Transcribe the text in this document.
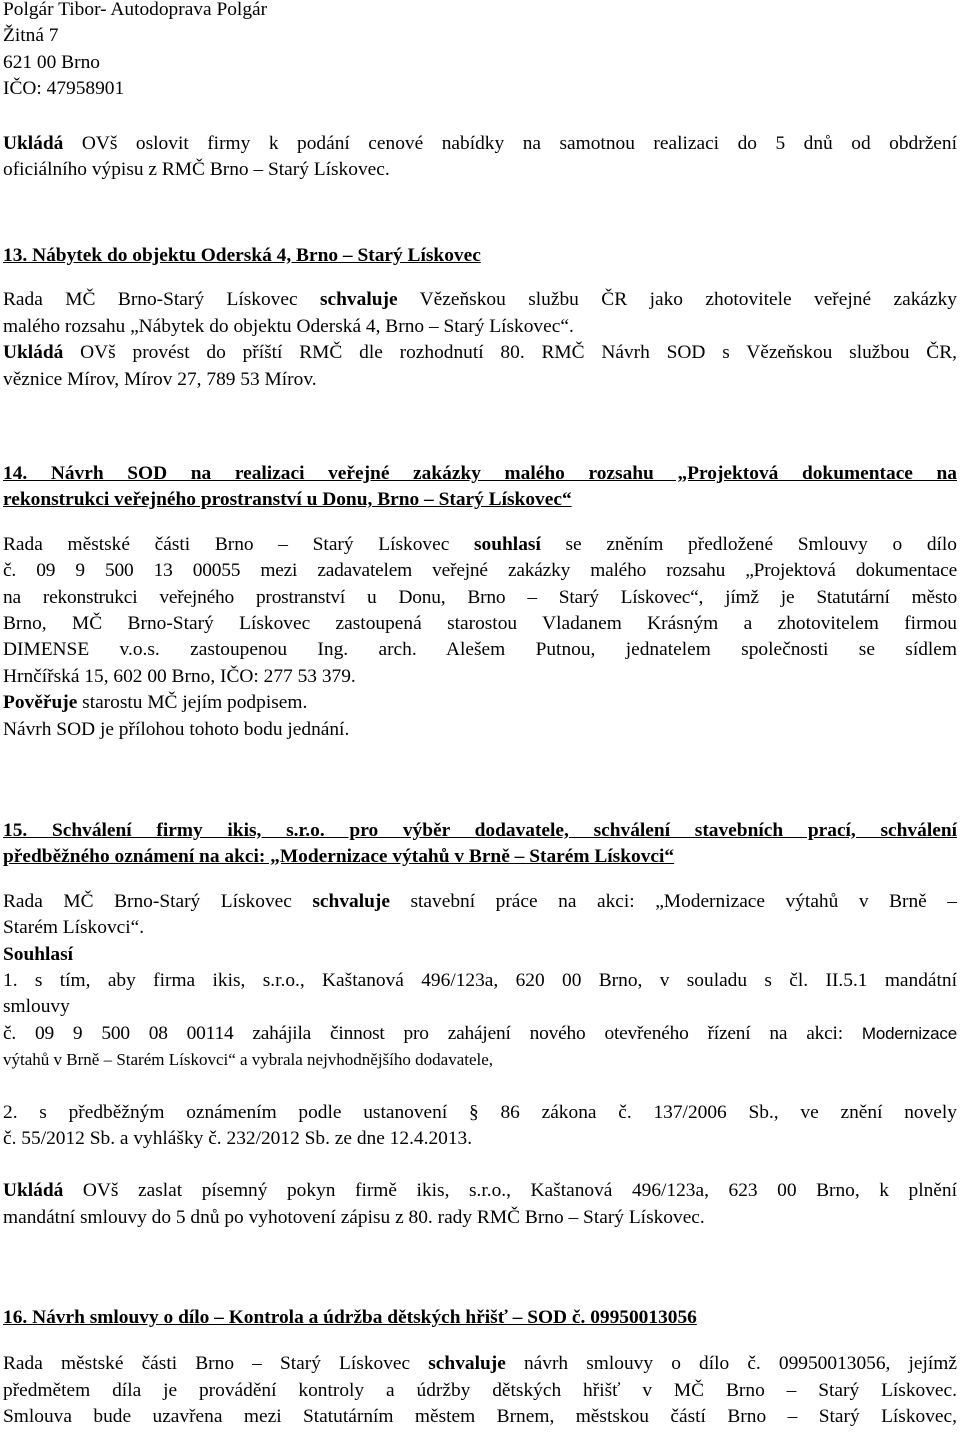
Polgár Tibor- Autodoprava Polgár
Žitná 7
621 00 Brno
IČO: 47958901
Ukládá OVš oslovit firmy k podání cenové nabídky na samotnou realizaci do 5 dnů od obdržení
oficiálního výpisu z RMČ Brno – Starý Lískovec.
13. Nábytek do objektu Oderská 4, Brno – Starý Lískovec
Rada MČ Brno-Starý Lískovec schvaluje Vězeňskou službu ČR jako zhotovitele veřejné zakázky
malého rozsahu „Nábytek do objektu Oderská 4, Brno – Starý Lískovec“.
Ukládá OVš provést do příští RMČ dle rozhodnutí 80. RMČ Návrh SOD s Vězeňskou službou ČR,
věznice Mírov, Mírov 27, 789 53 Mírov.
14. Návrh SOD na realizaci veřejné zakázky malého rozsahu „Projektová dokumentace na
rekonstrukci veřejného prostranství u Donu, Brno – Starý Lískovec“
Rada městské části Brno – Starý Lískovec souhlasí se zněním předložené Smlouvy o dílo
č. 09 9 500 13 00055 mezi zadavatelem veřejné zakázky malého rozsahu „Projektová dokumentace
na rekonstrukci veřejného prostranství u Donu, Brno – Starý Lískovec“, jímž je Statutární město
Brno, MČ Brno-Starý Lískovec zastoupená starostou Vladanem Krásným a zhotovitelem firmou
DIMENSE v.o.s. zastoupenou Ing. arch. Alešem Putnou, jednatelem společnosti se sídlem
Hrnčířská 15, 602 00 Brno, IČO: 277 53 379.
Pověřuje starostu MČ jejím podpisem.
Návrh SOD je přílohou tohoto bodu jednání.
15. Schválení firmy ikis, s.r.o. pro výběr dodavatele, schválení stavebních prací, schválení
předběžného oznámení na akci: „Modernizace výtahů v Brně – Starém Lískovci“
Rada MČ Brno-Starý Lískovec schvaluje stavební práce na akci: „Modernizace výtahů v Brně –
Starém Lískovci“.
Souhlasí
1. s tím, aby firma ikis, s.r.o., Kaštanová 496/123a, 620 00 Brno, v souladu s čl. II.5.1 mandátní
smlouvy
č. 09 9 500 08 00114 zahájila činnost pro zahájení nového otevřeného řízení na akci: Modernizace
výtahů v Brně – Starém Lískovci“ a vybrala nejvhodnějšího dodavatele,
2. s předběžným oznámením podle ustanovení § 86 zákona č. 137/2006 Sb., ve znění novely
č. 55/2012 Sb. a vyhlášky č. 232/2012 Sb. ze dne 12.4.2013.
Ukládá OVš zaslat písemný pokyn firmě ikis, s.r.o., Kaštanová 496/123a, 623 00 Brno, k plnění
mandátní smlouvy do 5 dnů po vyhotovení zápisu z 80. rady RMČ Brno – Starý Lískovec.
16. Návrh smlouvy o dílo – Kontrola a údržba dětských hřišť – SOD č. 09950013056
Rada městské části Brno – Starý Lískovec schvaluje návrh smlouvy o dílo č. 09950013056, jejímž
předmětem díla je provádění kontroly a údržby dětských hřišť v MČ Brno – Starý Lískovec.
Smlouva bude uzavřena mezi Statutárním městem Brnem, městskou částí Brno – Starý Lískovec,
